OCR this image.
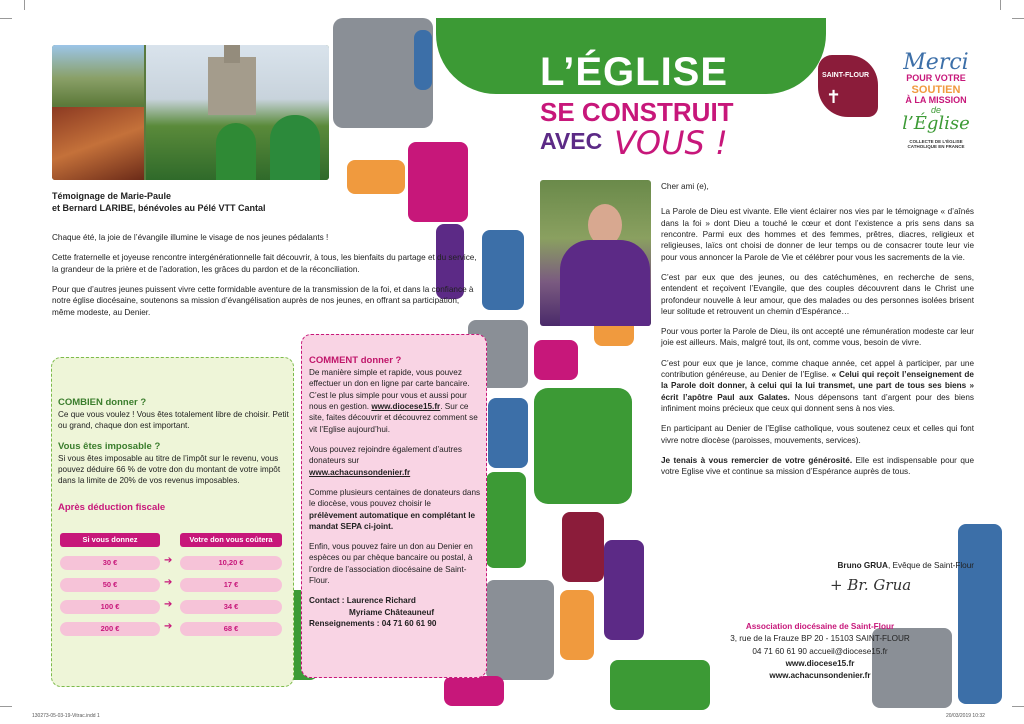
L’ÉGLISE
SE CONSTRUIT
AVEC VOUS !
SAINT-FLOUR
✝
Merci
POUR VOTRE
SOUTIEN
À LA MISSION
de
l’Église
COLLECTE DE L’ÉGLISE CATHOLIQUE EN FRANCE
Témoignage de Marie-Paule
et Bernard LARIBE, bénévoles au Pélé VTT Cantal

Chaque été, la joie de l’évangile illumine le visage de nos jeunes pédalants !

Cette fraternelle et joyeuse rencontre intergénérationnelle fait découvrir, à tous, les bienfaits du partage et du service, la grandeur de la prière et de l’adoration, les grâces du pardon et de la réconciliation.

Pour que d’autres jeunes puissent vivre cette formidable aventure de la transmission de la foi, et dans la confiance à notre église diocésaine, soutenons sa mission d’évangélisation auprès de nos jeunes, en offrant sa participation, même modeste, au Denier.

COMBIEN donner ?
Ce que vous voulez ! Vous êtes totalement libre de choisir. Petit ou grand, chaque don est important.
Vous êtes imposable ?
Si vous êtes imposable au titre de l’impôt sur le revenu, vous pouvez déduire 66 % de votre don du montant de votre impôt dans la limite de 20% de vos revenus imposables.
Après déduction fiscale
Si vous donnez	Votre don vous coûtera
30 €	➔	10,20 €
50 €	➔	17 €
100 €	➔	34 €
200 €	➔	68 €
COMMENT donner ?

De manière simple et rapide, vous pouvez effectuer un don en ligne par carte bancaire. C’est le plus simple pour vous et aussi pour nous en gestion. www.diocese15.fr. Sur ce site, faites découvrir et découvrez comment se vit l’Eglise aujourd’hui.

Vous pouvez rejoindre également d’autres donateurs sur
www.achacunsondenier.fr

Comme plusieurs centaines de donateurs dans le diocèse, vous pouvez choisir le prélèvement automatique en complétant le mandat SEPA ci-joint.

Enfin, vous pouvez faire un don au Denier en espèces ou par chèque bancaire ou postal, à l’ordre de l’association diocésaine de Saint-Flour.

Contact : Laurence Richard
Myriame Châteauneuf
Renseignements : 04 71 60 61 90

Cher ami (e),

La Parole de Dieu est vivante. Elle vient éclairer nos vies par le témoignage « d’aînés dans la foi » dont Dieu a touché le cœur et dont l’existence a pris sens dans sa rencontre. Parmi eux des hommes et des femmes, prêtres, diacres, religieux et religieuses, laïcs ont choisi de donner de leur temps ou de consacrer toute leur vie pour vous annoncer la Parole de Vie et célébrer pour vous les sacrements de la vie.

C’est par eux que des jeunes, ou des catéchumènes, en recherche de sens, entendent et reçoivent l’Evangile, que des couples découvrent dans le Christ une profondeur nouvelle à leur amour, que des malades ou des personnes isolées brisent leur solitude et retrouvent un chemin d’Espérance…

Pour vous porter la Parole de Dieu, ils ont accepté une rémunération modeste car leur joie est ailleurs. Mais, malgré tout, ils ont, comme vous, besoin de vivre.

C’est pour eux que je lance, comme chaque année, cet appel à participer, par une contribution généreuse, au Denier de l’Eglise. « Celui qui reçoit l’enseignement de la Parole doit donner, à celui qui la lui transmet, une part de tous ses biens » écrit l’apôtre Paul aux Galates. Nous dépensons tant d’argent pour des biens infiniment moins précieux que ceux qui donnent sens à nos vies.

En participant au Denier de l’Eglise catholique, vous soutenez ceux et celles qui font vivre notre diocèse (paroisses, mouvements, services).

Je tenais à vous remercier de votre générosité. Elle est indispensable pour que votre Eglise vive et continue sa mission d’Espérance auprès de tous.

Bruno GRUA, Evêque de Saint-Flour
+ Br. Grua
Association diocésaine de Saint-Flour
3, rue de la Frauze BP 20 - 15103 SAINT-FLOUR
04 71 60 61 90 accueil@diocese15.fr
www.diocese15.fr
www.achacunsondenier.fr
130273-05-03-19-Vitrac.indd 1	20/03/2019 10:32
